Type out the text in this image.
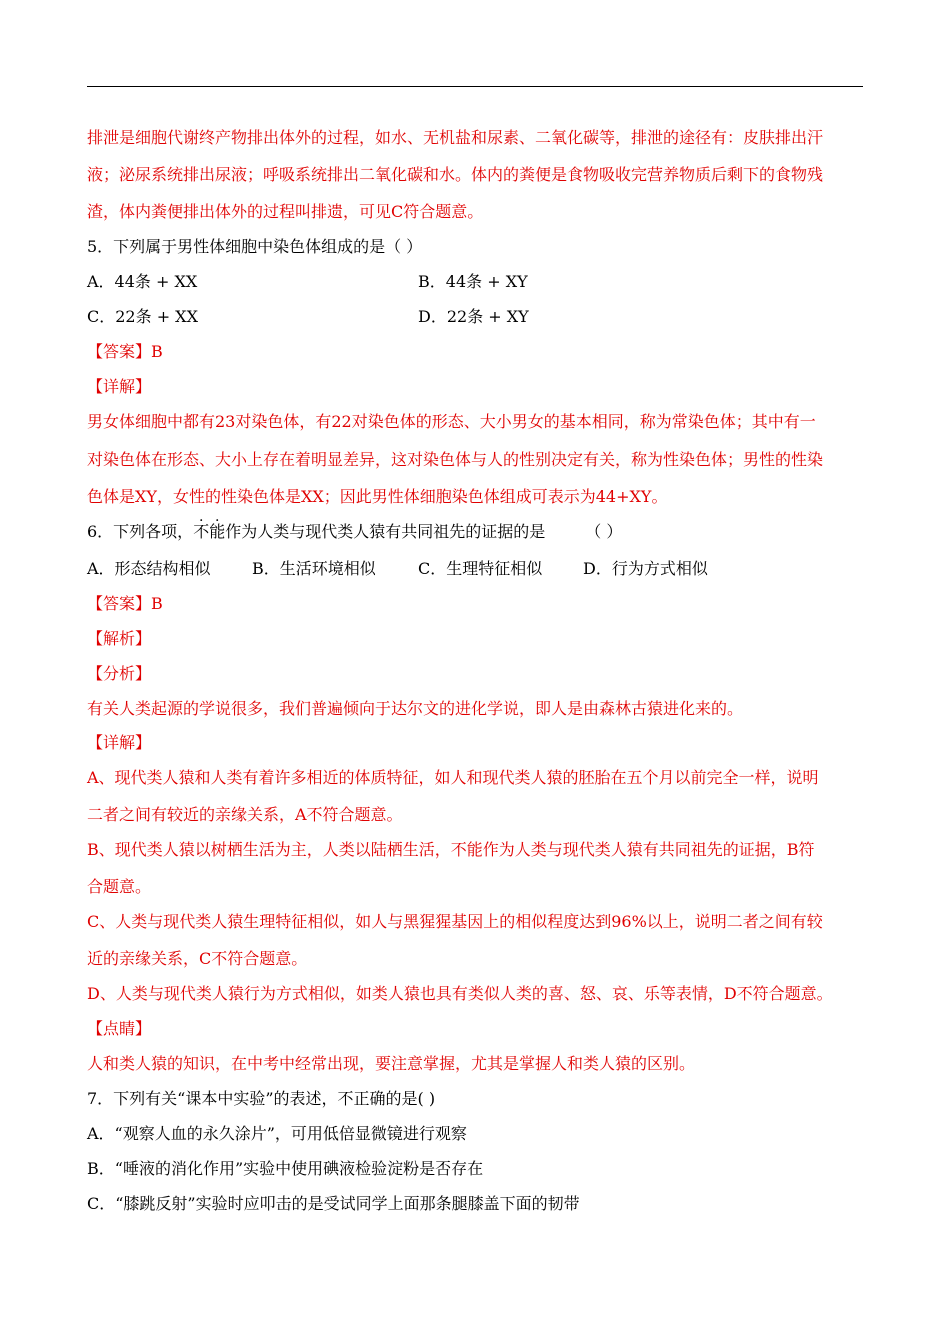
排泄是细胞代谢终产物排出体外的过程，如水、无机盐和尿素、二氧化碳等，排泄的途径有：皮肤排出汗
液；泌尿系统排出尿液；呼吸系统排出二氧化碳和水。体内的粪便是食物吸收完营养物质后剩下的食物残
渣，体内粪便排出体外的过程叫排遗，可见C符合题意。
5．下列属于男性体细胞中染色体组成的是（ ）
A．44条 + XX	B．44条 + XY
C．22条 + XX	D．22条 + XY
【答案】B
【详解】
男女体细胞中都有23对染色体，有22对染色体的形态、大小男女的基本相同，称为常染色体；其中有一
对染色体在形态、大小上存在着明显差异，这对染色体与人的性别决定有关，称为性染色体；男性的性染
色体是XY，女性的性染色体是XX；因此男性体细胞染色体组成可表示为44+XY。
6．下列各项，不能作为人类与现代类人猿有共同祖先的证据的是	（ ）
A．形态结构相似	B．生活环境相似	C．生理特征相似	D．行为方式相似
【答案】B
【解析】
【分析】
有关人类起源的学说很多，我们普遍倾向于达尔文的进化学说，即人是由森林古猿进化来的。
【详解】
A、现代类人猿和人类有着许多相近的体质特征，如人和现代类人猿的胚胎在五个月以前完全一样，说明
二者之间有较近的亲缘关系，A不符合题意。
B、现代类人猿以树栖生活为主，人类以陆栖生活，不能作为人类与现代类人猿有共同祖先的证据，B符
合题意。
C、人类与现代类人猿生理特征相似，如人与黑猩猩基因上的相似程度达到96%以上，说明二者之间有较
近的亲缘关系，C不符合题意。
D、人类与现代类人猿行为方式相似，如类人猿也具有类似人类的喜、怒、哀、乐等表情，D不符合题意。
【点睛】
人和类人猿的知识，在中考中经常出现，要注意掌握，尤其是掌握人和类人猿的区别。
7．下列有关“课本中实验”的表述，不正确的是( )
A．“观察人血的永久涂片”，可用低倍显微镜进行观察
B．“唾液的消化作用”实验中使用碘液检验淀粉是否存在
C．“膝跳反射”实验时应叩击的是受试同学上面那条腿膝盖下面的韧带
